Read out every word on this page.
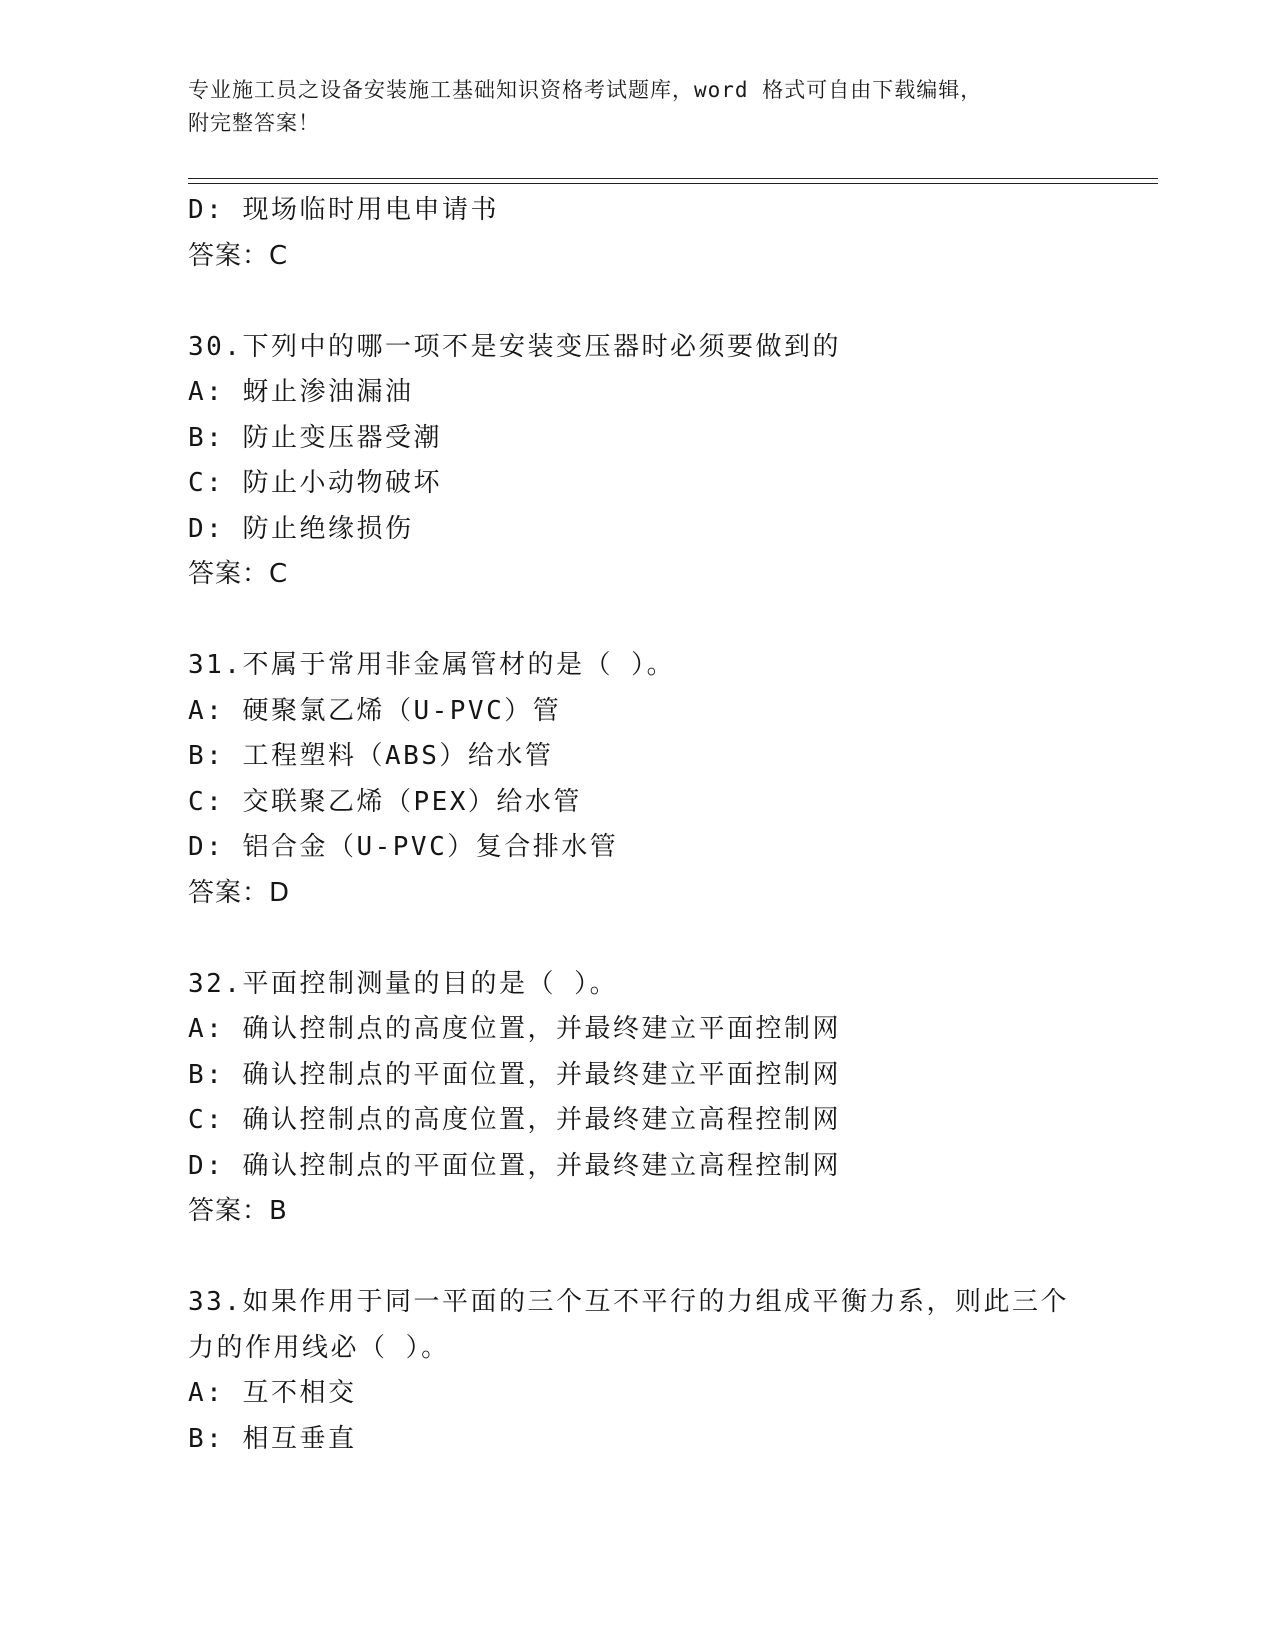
专业施工员之设备安装施工基础知识资格考试题库，word 格式可自由下载编辑，
附完整答案！
D: 现场临时用电申请书
答案：C
30.下列中的哪一项不是安装变压器时必须要做到的
A: 蚜止渗油漏油
B: 防止变压器受潮
C: 防止小动物破坏
D: 防止绝缘损伤
答案：C
31.不属于常用非金属管材的是（ ）。
A: 硬聚氯乙烯（U-PVC）管
B: 工程塑料（ABS）给水管
C: 交联聚乙烯（PEX）给水管
D: 铝合金（U-PVC）复合排水管
答案：D
32.平面控制测量的目的是（ ）。
A: 确认控制点的高度位置，并最终建立平面控制网
B: 确认控制点的平面位置，并最终建立平面控制网
C: 确认控制点的高度位置，并最终建立高程控制网
D: 确认控制点的平面位置，并最终建立高程控制网
答案：B
33.如果作用于同一平面的三个互不平行的力组成平衡力系，则此三个
力的作用线必（ ）。
A: 互不相交
B: 相互垂直
